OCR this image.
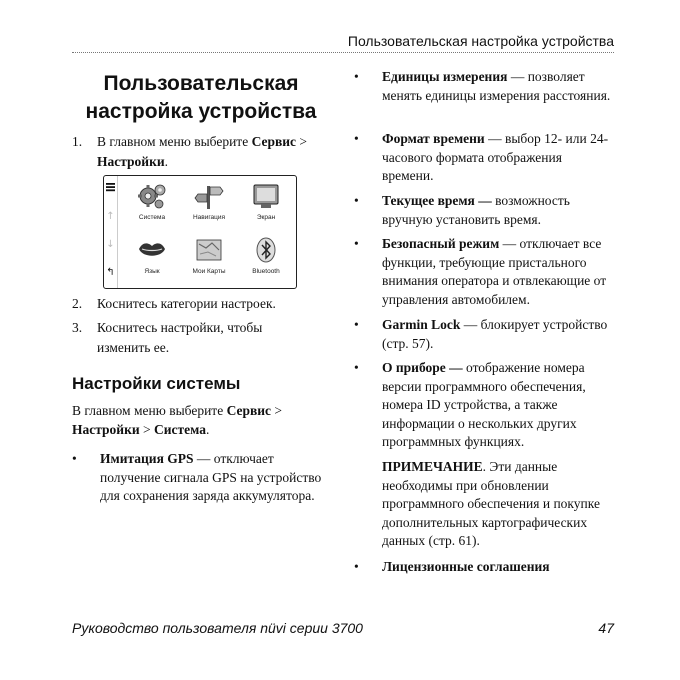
Пользовательская настройка устройства
Пользовательская
настройка устройства
1. В главном меню выберите Сервис > Настройки.
↑
↓
↰
Система	Навигация	Экран
Язык	Мои Карты	Bluetooth
2. Коснитесь категории настроек.
3. Коснитесь настройки, чтобы изменить ее.
Настройки системы
В главном меню выберите Сервис > Настройки > Система.
• Имитация GPS — отключает получение сигнала GPS на устройство для сохранения заряда аккумулятора.
• Единицы измерения — позволяет менять единицы измерения расстояния.
• Формат времени — выбор 12- или 24-часового формата отображения времени.
• Текущее время — возможность вручную установить время.
• Безопасный режим — отключает все функции, требующие пристального внимания оператора и отвлекающие от управления автомобилем.
• Garmin Lock — блокирует устройство (стр. 57).
• О приборе — отображение номера версии программного обеспечения, номера ID устройства, а также информации о нескольких других программных функциях.
ПРИМЕЧАНИЕ. Эти данные необходимы при обновлении программного обеспечения и покупке дополнительных картографических данных (стр. 61).
• Лицензионные соглашения
Руководство пользователя nüvi серии 3700	47
